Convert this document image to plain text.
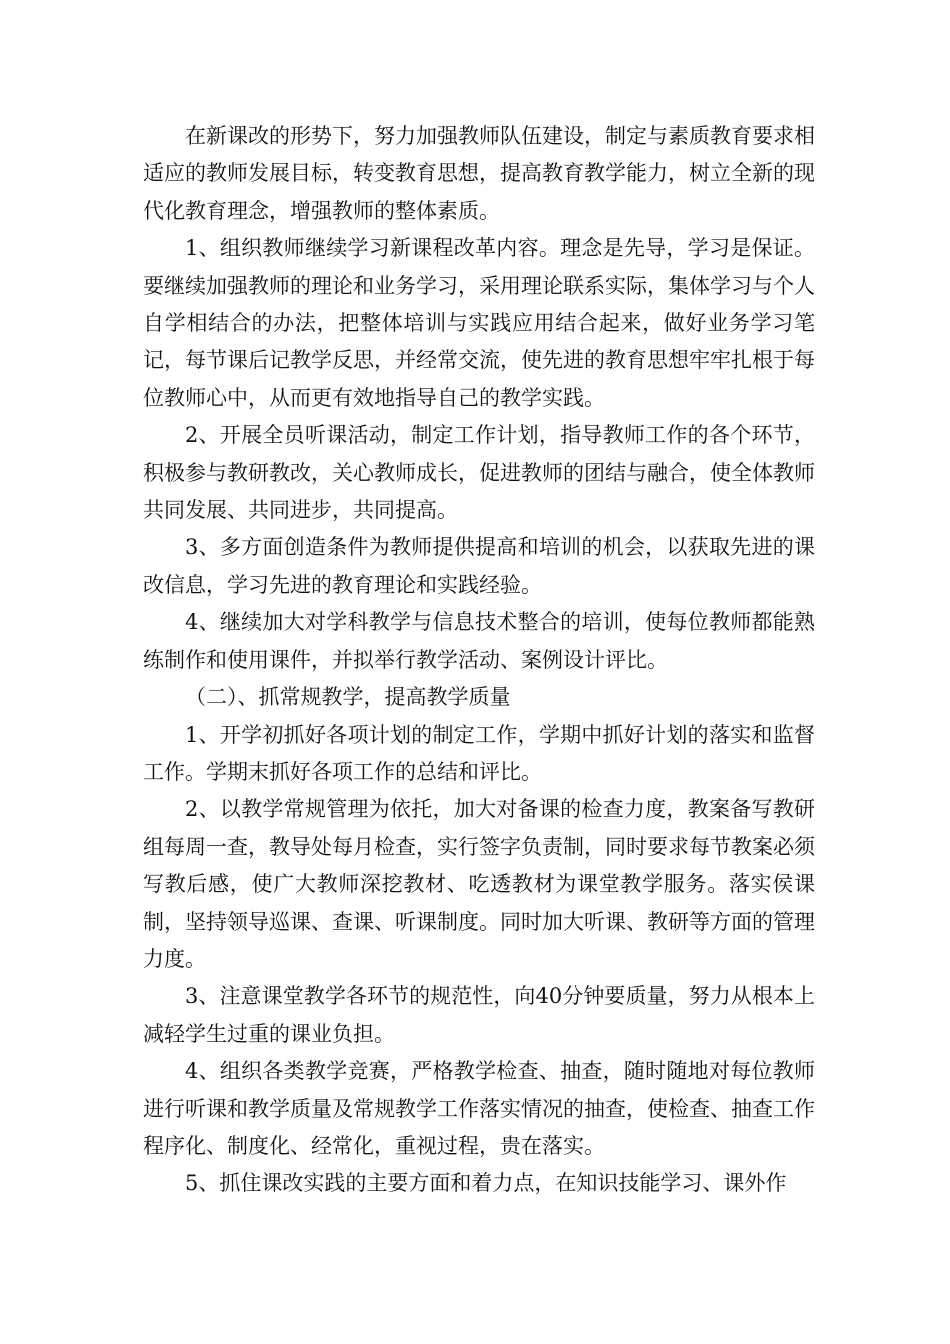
在新课改的形势下，努力加强教师队伍建设，制定与素质教育要求相适应的教师发展目标，转变教育思想，提高教育教学能力，树立全新的现代化教育理念，增强教师的整体素质。

1、组织教师继续学习新课程改革内容。理念是先导，学习是保证。要继续加强教师的理论和业务学习，采用理论联系实际，集体学习与个人自学相结合的办法，把整体培训与实践应用结合起来，做好业务学习笔记，每节课后记教学反思，并经常交流，使先进的教育思想牢牢扎根于每位教师心中，从而更有效地指导自己的教学实践。

2、开展全员听课活动，制定工作计划，指导教师工作的各个环节，积极参与教研教改，关心教师成长，促进教师的团结与融合，使全体教师共同发展、共同进步，共同提高。

3、多方面创造条件为教师提供提高和培训的机会，以获取先进的课改信息，学习先进的教育理论和实践经验。

4、继续加大对学科教学与信息技术整合的培训，使每位教师都能熟练制作和使用课件，并拟举行教学活动、案例设计评比。

（二）、抓常规教学，提高教学质量

1、开学初抓好各项计划的制定工作，学期中抓好计划的落实和监督工作。学期末抓好各项工作的总结和评比。

2、以教学常规管理为依托，加大对备课的检查力度，教案备写教研组每周一查，教导处每月检查，实行签字负责制，同时要求每节教案必须写教后感，使广大教师深挖教材、吃透教材为课堂教学服务。落实侯课制，坚持领导巡课、查课、听课制度。同时加大听课、教研等方面的管理力度。

3、注意课堂教学各环节的规范性，向40分钟要质量，努力从根本上减轻学生过重的课业负担。

4、组织各类教学竞赛，严格教学检查、抽查，随时随地对每位教师进行听课和教学质量及常规教学工作落实情况的抽查，使检查、抽查工作程序化、制度化、经常化，重视过程，贵在落实。

5、抓住课改实践的主要方面和着力点，在知识技能学习、课外作
